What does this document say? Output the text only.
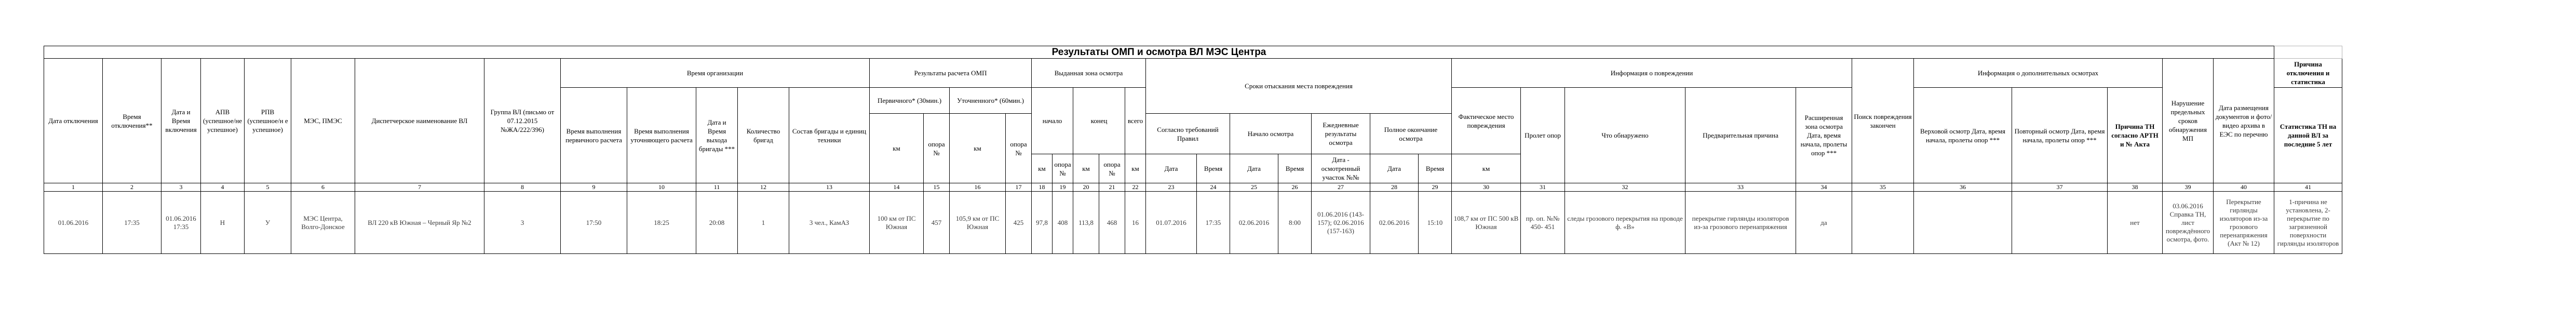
Результаты ОМП и осмотра ВЛ МЭС Центра																																								
Дата отключения	Время отключения**	Дата и Время включения	АПВ (успешное/не успешное)	РПВ (успешное/н е успешное)	МЭС, ПМЭС	Диспетчерское наименование ВЛ	Группа ВЛ (письмо от 07.12.2015 №ЖА/222/396)	Время организации					Результаты расчета ОМП				Выданная зона осмотра					Сроки отыскания места повреждения							Информация о повреждении					Поиск повреждения закончен	Информация о дополнительных осмотрах			Нарушение предельных сроков обнаружения МП	Дата размещения документов и фото/видео архива в ЕЭС по перечню	Причина отключения и статистика
								Время выполнения первичного расчета	Время выполнения уточняющего расчета	Дата и Время выхода бригады ***	Количество бригад	Состав бригады и единиц техники	Первичного* (30мин.)		Уточненного* (60мин.)		начало		конец		всего								Фактическое место повреждения	Пролет опор	Что обнаружено	Предварительная причина	Расширенная зона осмотра Дата, время начала, пролеты опор ***		Верховой осмотр Дата, время начала, пролеты опор ***	Повторный осмотр Дата, время начала, пролеты опор ***	Причина ТН согласно АРТН и № Акта			Статистика ТН на данной ВЛ за последние 5 лет
													км	опора №	км	опора №						Согласно требований Правил		Начало осмотра		Ежедневные результаты осмотра	Полное окончание осмотра													
																	км	опора №	км	опора №	км	Дата	Время	Дата	Время	Дата - осмотренный участок №№	Дата	Время	км											
1	2	3	4	5	6	7	8	9	10	11	12	13	14	15	16	17	18	19	20	21	22	23	24	25	26	27	28	29	30	31	32	33	34	35	36	37	38	39	40	41
01.06.2016	17:35	01.06.2016 17:35	Н	У	МЭС Центра, Волго-Донское	ВЛ 220 кВ Южная – Черный Яр №2	3	17:50	18:25	20:08	1	3 чел., КамАЗ	100 км от ПС Южная	457	105,9 км от ПС Южная	425	97,8	408	113,8	468	16	01.07.2016	17:35	02.06.2016	8:00	01.06.2016 (143-157); 02.06.2016 (157-163)	02.06.2016	15:10	108,7 км от ПС 500 кВ Южная	пр. оп. №№ 450- 451	следы грозового перекрытия на проводе ф. «В»	перекрытие гирлянды изоляторов из-за грозового перенапряжения	да				нет	03.06.2016 Справка ТН, лист повреждённого осмотра, фото.	Перекрытие гирлянды изоляторов из-за грозового перенапряжения (Акт № 12)	1-причина не установлена, 2-перекрытие по загрязненной поверхности гирлянды изоляторов
